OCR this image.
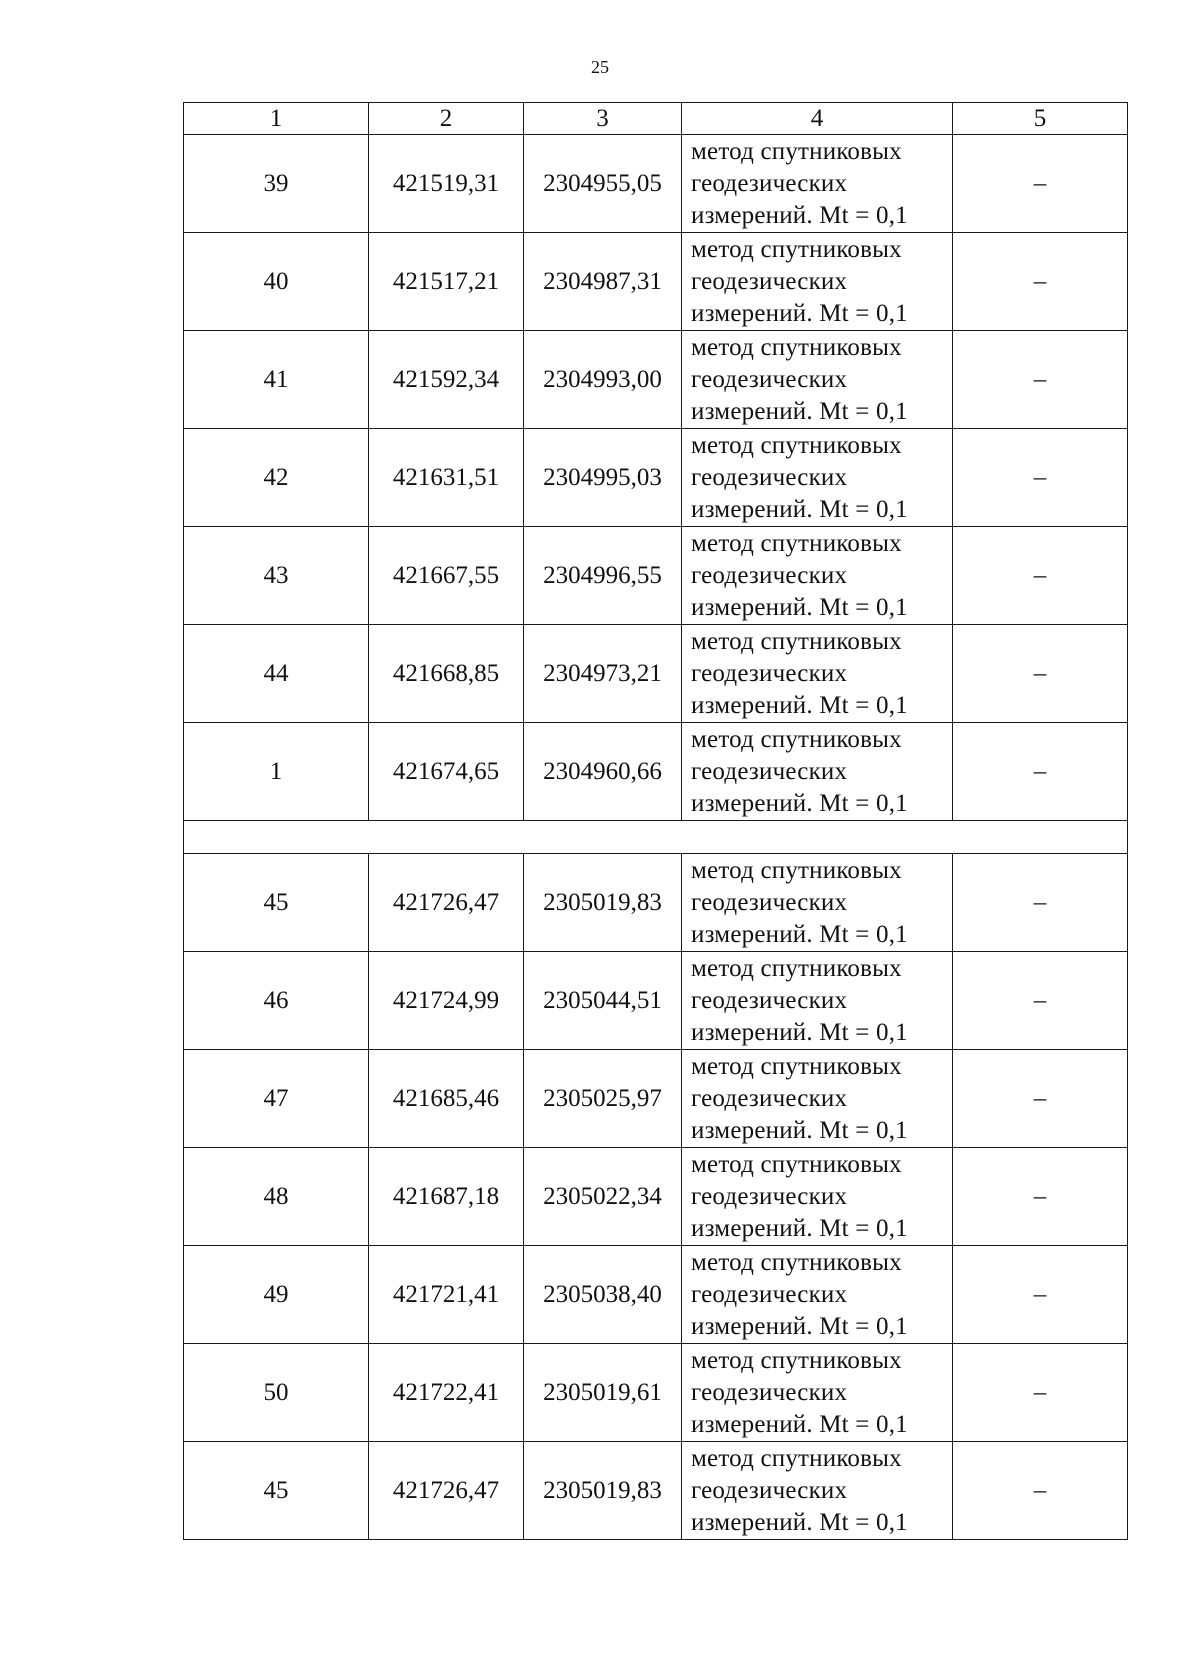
25
1	2	3	4	5
39	421519,31	2304955,05	метод спутниковых
геодезических
измерений. Mt = 0,1	–
40	421517,21	2304987,31	метод спутниковых
геодезических
измерений. Mt = 0,1	–
41	421592,34	2304993,00	метод спутниковых
геодезических
измерений. Mt = 0,1	–
42	421631,51	2304995,03	метод спутниковых
геодезических
измерений. Mt = 0,1	–
43	421667,55	2304996,55	метод спутниковых
геодезических
измерений. Mt = 0,1	–
44	421668,85	2304973,21	метод спутниковых
геодезических
измерений. Mt = 0,1	–
1	421674,65	2304960,66	метод спутниковых
геодезических
измерений. Mt = 0,1	–

45	421726,47	2305019,83	метод спутниковых
геодезических
измерений. Mt = 0,1	–
46	421724,99	2305044,51	метод спутниковых
геодезических
измерений. Mt = 0,1	–
47	421685,46	2305025,97	метод спутниковых
геодезических
измерений. Mt = 0,1	–
48	421687,18	2305022,34	метод спутниковых
геодезических
измерений. Mt = 0,1	–
49	421721,41	2305038,40	метод спутниковых
геодезических
измерений. Mt = 0,1	–
50	421722,41	2305019,61	метод спутниковых
геодезических
измерений. Mt = 0,1	–
45	421726,47	2305019,83	метод спутниковых
геодезических
измерений. Mt = 0,1	–
